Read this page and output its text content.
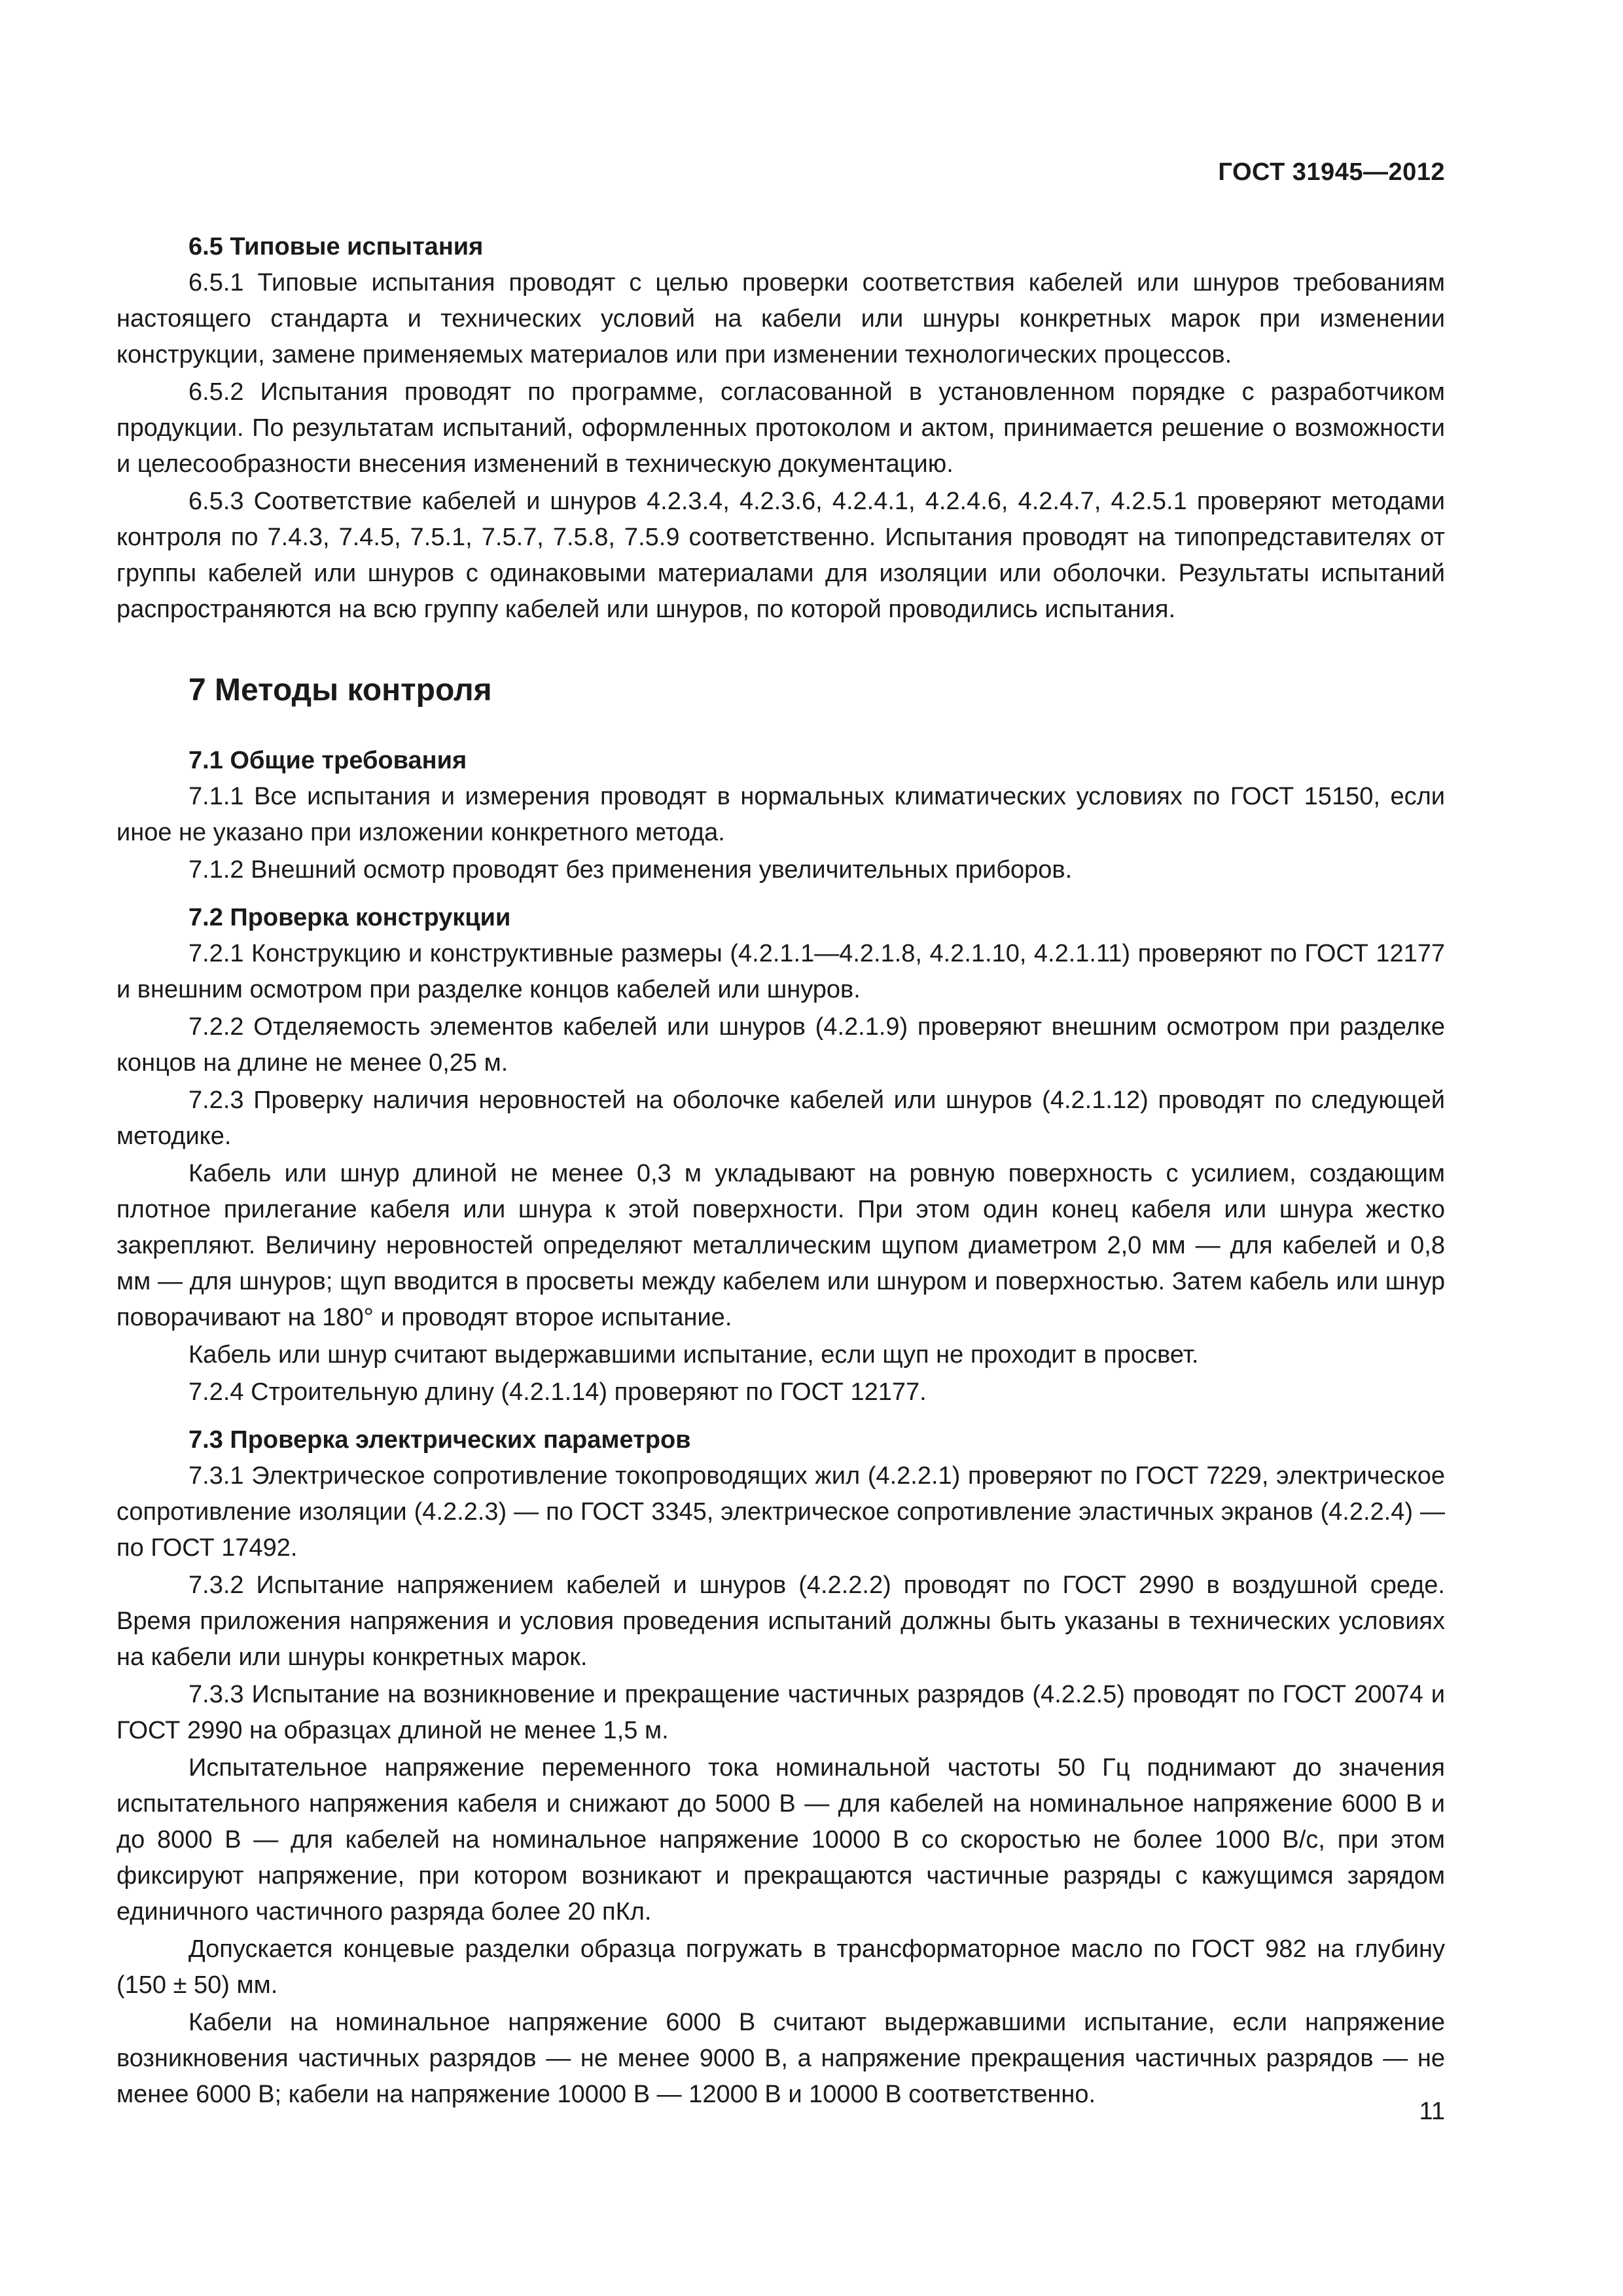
ГОСТ 31945—2012
6.5 Типовые испытания

6.5.1 Типовые испытания проводят с целью проверки соответствия кабелей или шнуров требованиям настоящего стандарта и технических условий на кабели или шнуры конкретных марок при изменении конструкции, замене применяемых материалов или при изменении технологических процессов.

6.5.2 Испытания проводят по программе, согласованной в установленном порядке с разработчиком продукции. По результатам испытаний, оформленных протоколом и актом, принимается решение о возможности и целесообразности внесения изменений в техническую документацию.

6.5.3 Соответствие кабелей и шнуров 4.2.3.4, 4.2.3.6, 4.2.4.1, 4.2.4.6, 4.2.4.7, 4.2.5.1 проверяют методами контроля по 7.4.3, 7.4.5, 7.5.1, 7.5.7, 7.5.8, 7.5.9 соответственно. Испытания проводят на типопредставителях от группы кабелей или шнуров с одинаковыми материалами для изоляции или оболочки. Результаты испытаний распространяются на всю группу кабелей или шнуров, по которой проводились испытания.

7 Методы контроля
7.1 Общие требования

7.1.1 Все испытания и измерения проводят в нормальных климатических условиях по ГОСТ 15150, если иное не указано при изложении конкретного метода.

7.1.2 Внешний осмотр проводят без применения увеличительных приборов.

7.2 Проверка конструкции

7.2.1 Конструкцию и конструктивные размеры (4.2.1.1—4.2.1.8, 4.2.1.10, 4.2.1.11) проверяют по ГОСТ 12177 и внешним осмотром при разделке концов кабелей или шнуров.

7.2.2 Отделяемость элементов кабелей или шнуров (4.2.1.9) проверяют внешним осмотром при разделке концов на длине не менее 0,25 м.

7.2.3 Проверку наличия неровностей на оболочке кабелей или шнуров (4.2.1.12) проводят по следующей методике.

Кабель или шнур длиной не менее 0,3 м укладывают на ровную поверхность с усилием, создающим плотное прилегание кабеля или шнура к этой поверхности. При этом один конец кабеля или шнура жестко закрепляют. Величину неровностей определяют металлическим щупом диаметром 2,0 мм — для кабелей и 0,8 мм — для шнуров; щуп вводится в просветы между кабелем или шнуром и поверхностью. Затем кабель или шнур поворачивают на 180° и проводят второе испытание.

Кабель или шнур считают выдержавшими испытание, если щуп не проходит в просвет.

7.2.4 Строительную длину (4.2.1.14) проверяют по ГОСТ 12177.

7.3 Проверка электрических параметров

7.3.1 Электрическое сопротивление токопроводящих жил (4.2.2.1) проверяют по ГОСТ 7229, электрическое сопротивление изоляции (4.2.2.3) — по ГОСТ 3345, электрическое сопротивление эластичных экранов (4.2.2.4) — по ГОСТ 17492.

7.3.2 Испытание напряжением кабелей и шнуров (4.2.2.2) проводят по ГОСТ 2990 в воздушной среде. Время приложения напряжения и условия проведения испытаний должны быть указаны в технических условиях на кабели или шнуры конкретных марок.

7.3.3 Испытание на возникновение и прекращение частичных разрядов (4.2.2.5) проводят по ГОСТ 20074 и ГОСТ 2990 на образцах длиной не менее 1,5 м.

Испытательное напряжение переменного тока номинальной частоты 50 Гц поднимают до значения испытательного напряжения кабеля и снижают до 5000 В — для кабелей на номинальное напряжение 6000 В и до 8000 В — для кабелей на номинальное напряжение 10000 В со скоростью не более 1000 В/с, при этом фиксируют напряжение, при котором возникают и прекращаются частичные разряды с кажущимся зарядом единичного частичного разряда более 20 пКл.

Допускается концевые разделки образца погружать в трансформаторное масло по ГОСТ 982 на глубину (150 ± 50) мм.

Кабели на номинальное напряжение 6000 В считают выдержавшими испытание, если напряжение возникновения частичных разрядов — не менее 9000 В, а напряжение прекращения частичных разрядов — не менее 6000 В; кабели на напряжение 10000 В — 12000 В и 10000 В соответственно.

11
